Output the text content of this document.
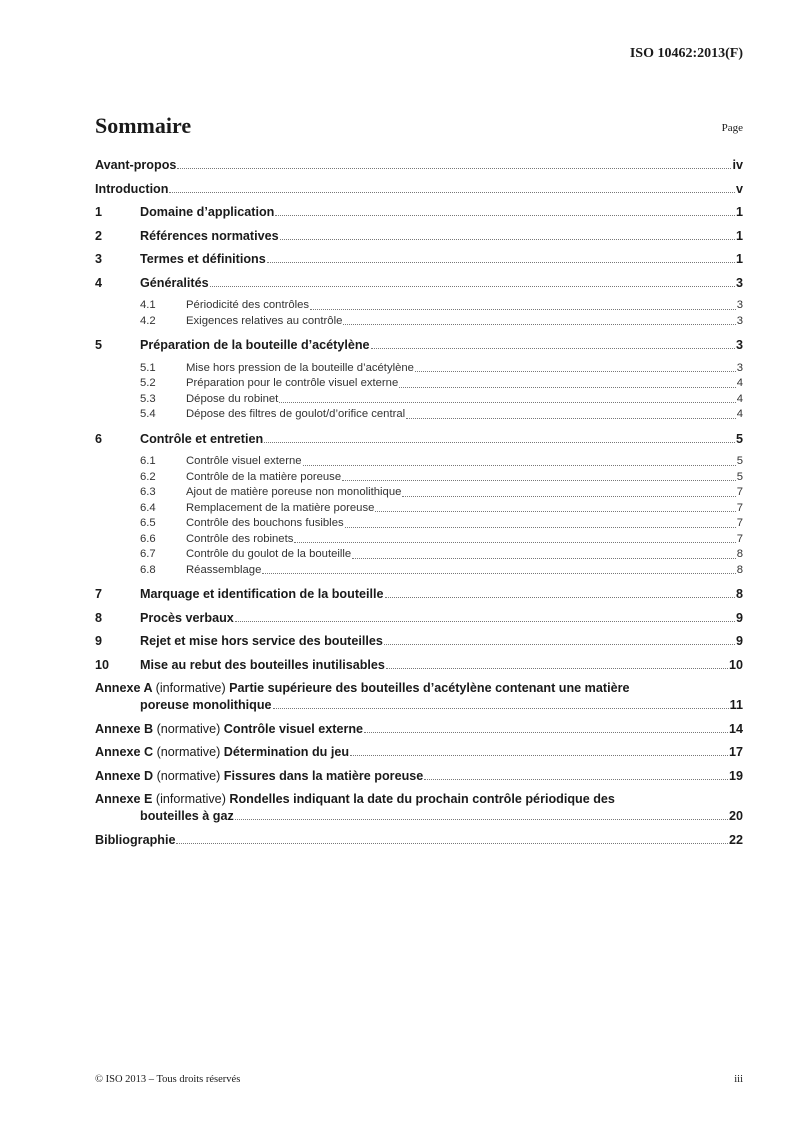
ISO 10462:2013(F)
Sommaire	Page
Avant-propos	iv
Introduction	v
1	Domaine d’application	1
2	Références normatives	1
3	Termes et définitions	1
4	Généralités	3
4.1	Périodicité des contrôles	3
4.2	Exigences relatives au contrôle	3
5	Préparation de la bouteille d’acétylène	3
5.1	Mise hors pression de la bouteille d’acétylène	3
5.2	Préparation pour le contrôle visuel externe	4
5.3	Dépose du robinet	4
5.4	Dépose des filtres de goulot/d’orifice central	4
6	Contrôle et entretien	5
6.1	Contrôle visuel externe	5
6.2	Contrôle de la matière poreuse	5
6.3	Ajout de matière poreuse non monolithique	7
6.4	Remplacement de la matière poreuse	7
6.5	Contrôle des bouchons fusibles	7
6.6	Contrôle des robinets	7
6.7	Contrôle du goulot de la bouteille	8
6.8	Réassemblage	8
7	Marquage et identification de la bouteille	8
8	Procès verbaux	9
9	Rejet et mise hors service des bouteilles	9
10	Mise au rebut des bouteilles inutilisables	10
Annexe A (informative) Partie supérieure des bouteilles d’acétylène contenant une matière
poreuse monolithique	11
Annexe B (normative) Contrôle visuel externe	14
Annexe C (normative) Détermination du jeu	17
Annexe D (normative) Fissures dans la matière poreuse	19
Annexe E (informative) Rondelles indiquant la date du prochain contrôle périodique des
bouteilles à gaz	20
Bibliographie	22
© ISO 2013 – Tous droits réservés	iii
